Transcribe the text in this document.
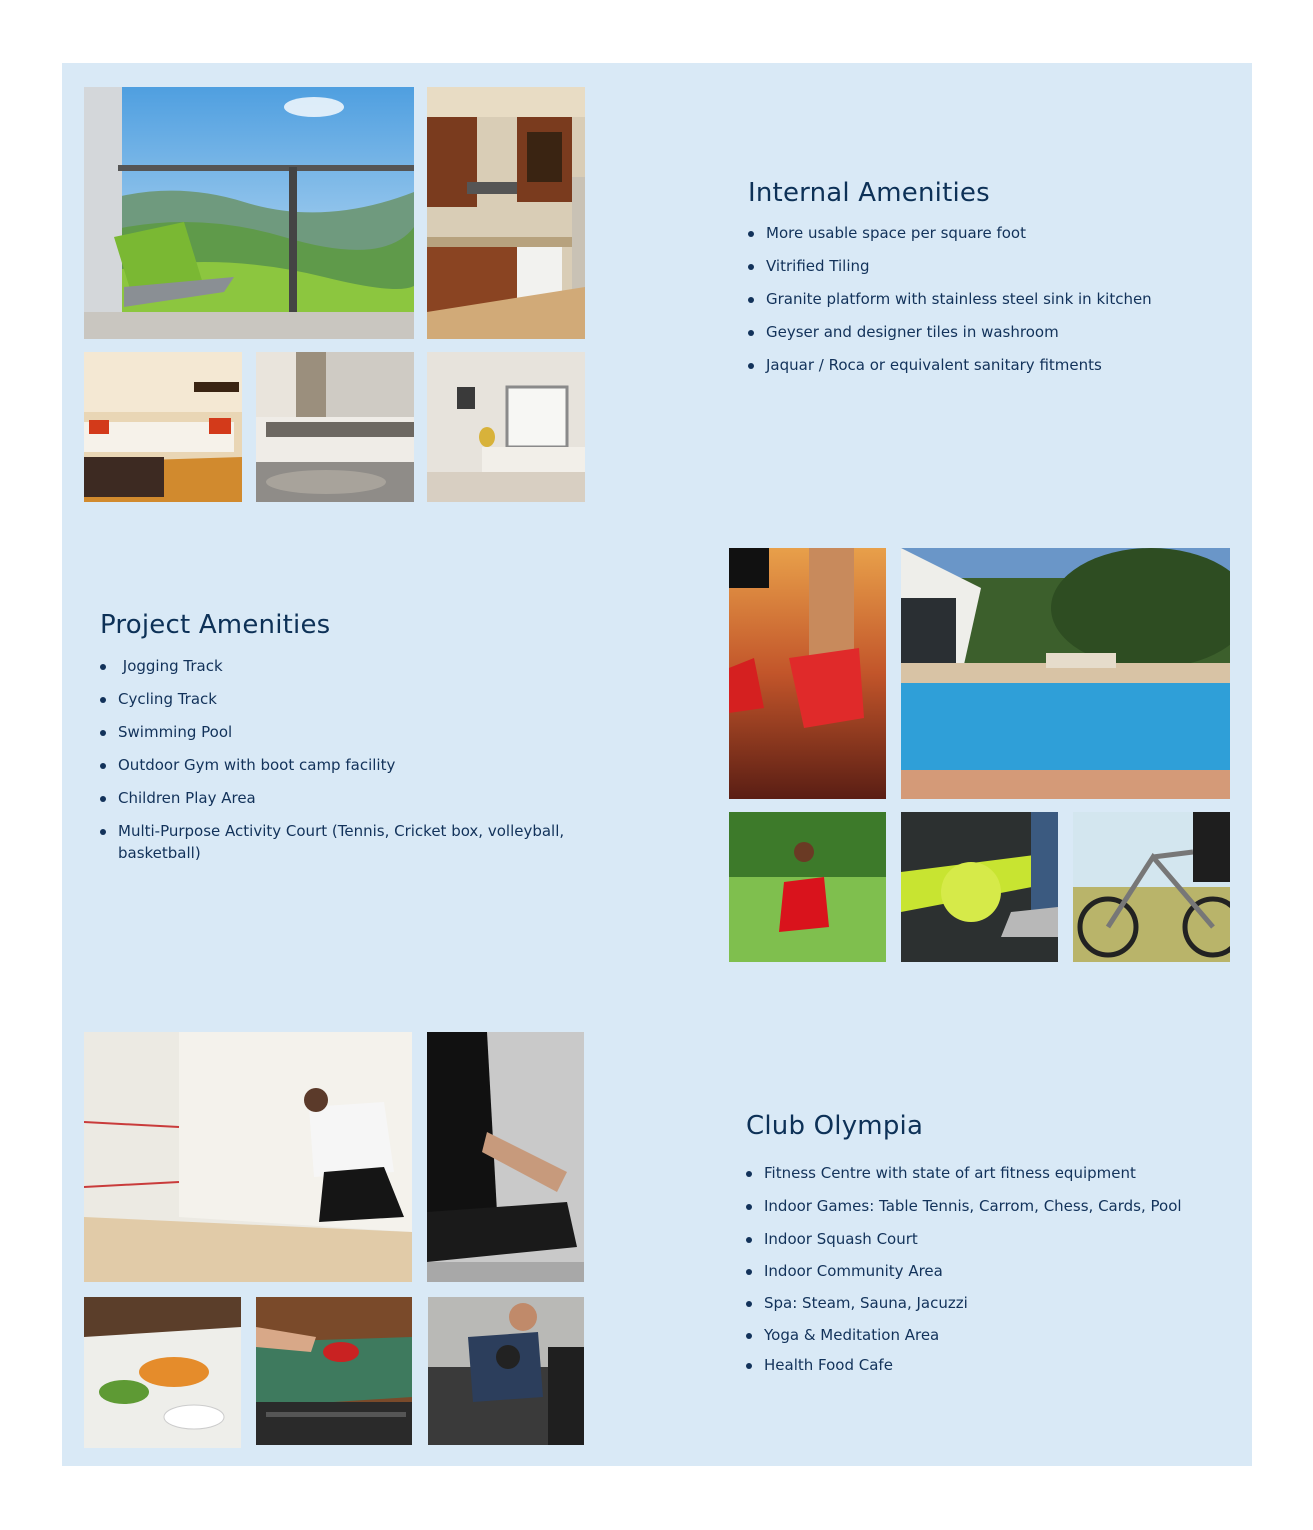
Internal Amenities
More usable space per square foot
Vitrified Tiling
Granite platform with stainless steel sink in kitchen
Geyser and designer tiles in washroom
Jaquar / Roca or equivalent sanitary fitments
Project Amenities
Jogging Track
Cycling Track
Swimming Pool
Outdoor Gym with boot camp facility
Children Play Area
Multi-Purpose Activity Court (Tennis, Cricket box, volleyball, basketball)
Club Olympia
Fitness Centre with state of art fitness equipment
Indoor Games: Table Tennis, Carrom, Chess, Cards, Pool
Indoor Squash Court
Indoor Community Area
Spa: Steam, Sauna, Jacuzzi
Yoga & Meditation Area
Health Food Cafe
